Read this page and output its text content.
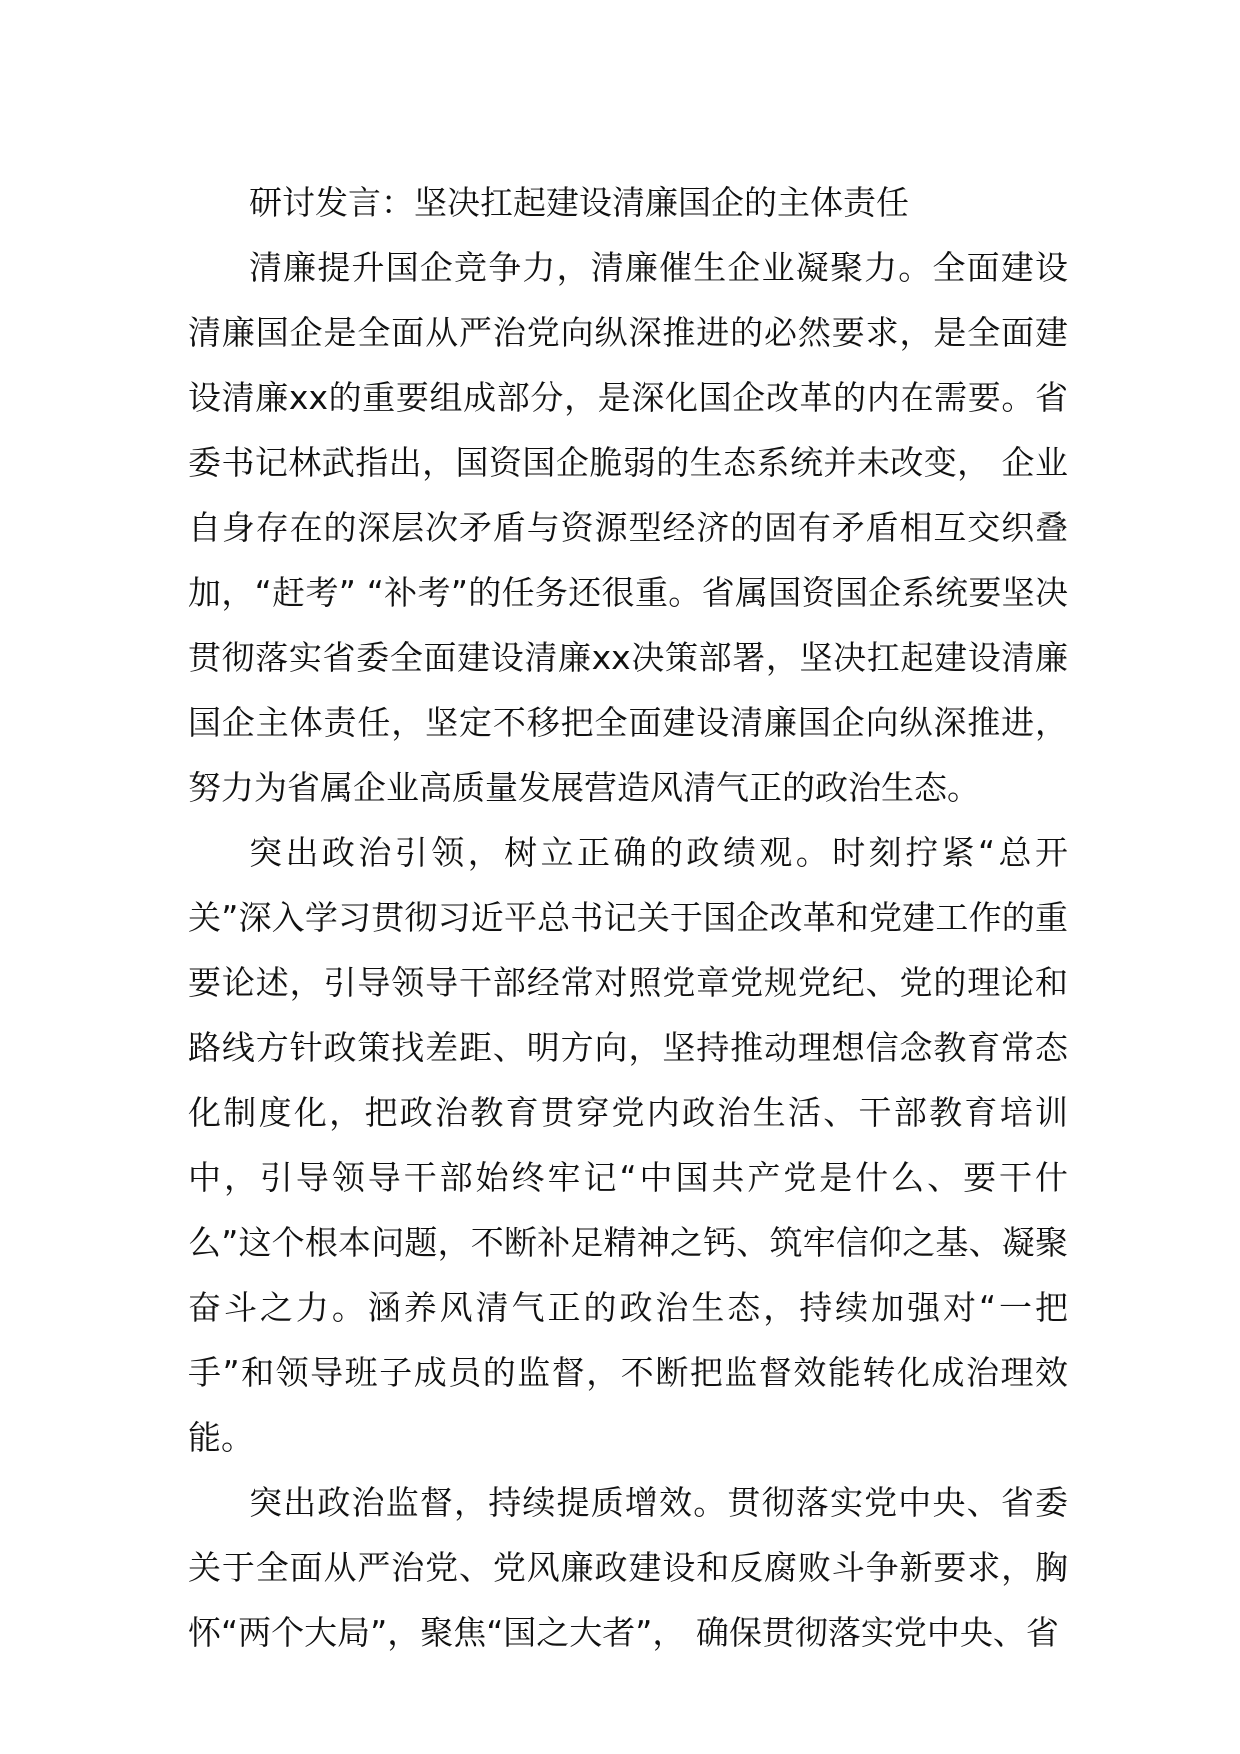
研讨发言：坚决扛起建设清廉国企的主体责任

清廉提升国企竞争力，清廉催生企业凝聚力。全面建设清廉国企是全面从严治党向纵深推进的必然要求，是全面建设清廉xx的重要组成部分，是深化国企改革的内在需要。省委书记林武指出，国资国企脆弱的生态系统并未改变， 企业自身存在的深层次矛盾与资源型经济的固有矛盾相互交织叠加，“赶考” “补考”的任务还很重。省属国资国企系统要坚决贯彻落实省委全面建设清廉xx决策部署，坚决扛起建设清廉国企主体责任，坚定不移把全面建设清廉国企向纵深推进，努力为省属企业高质量发展营造风清气正的政治生态。

突出政治引领，树立正确的政绩观。时刻拧紧“总开关”深入学习贯彻习近平总书记关于国企改革和党建工作的重要论述，引导领导干部经常对照党章党规党纪、党的理论和路线方针政策找差距、明方向，坚持推动理想信念教育常态化制度化，把政治教育贯穿党内政治生活、干部教育培训中，引导领导干部始终牢记“中国共产党是什么、要干什么”这个根本问题，不断补足精神之钙、筑牢信仰之基、凝聚奋斗之力。涵养风清气正的政治生态，持续加强对“一把手”和领导班子成员的监督，不断把监督效能转化成治理效能。

突出政治监督，持续提质增效。贯彻落实党中央、省委关于全面从严治党、党风廉政建设和反腐败斗争新要求，胸怀“两个大局”，聚焦“国之大者”， 确保贯彻落实党中央、省
